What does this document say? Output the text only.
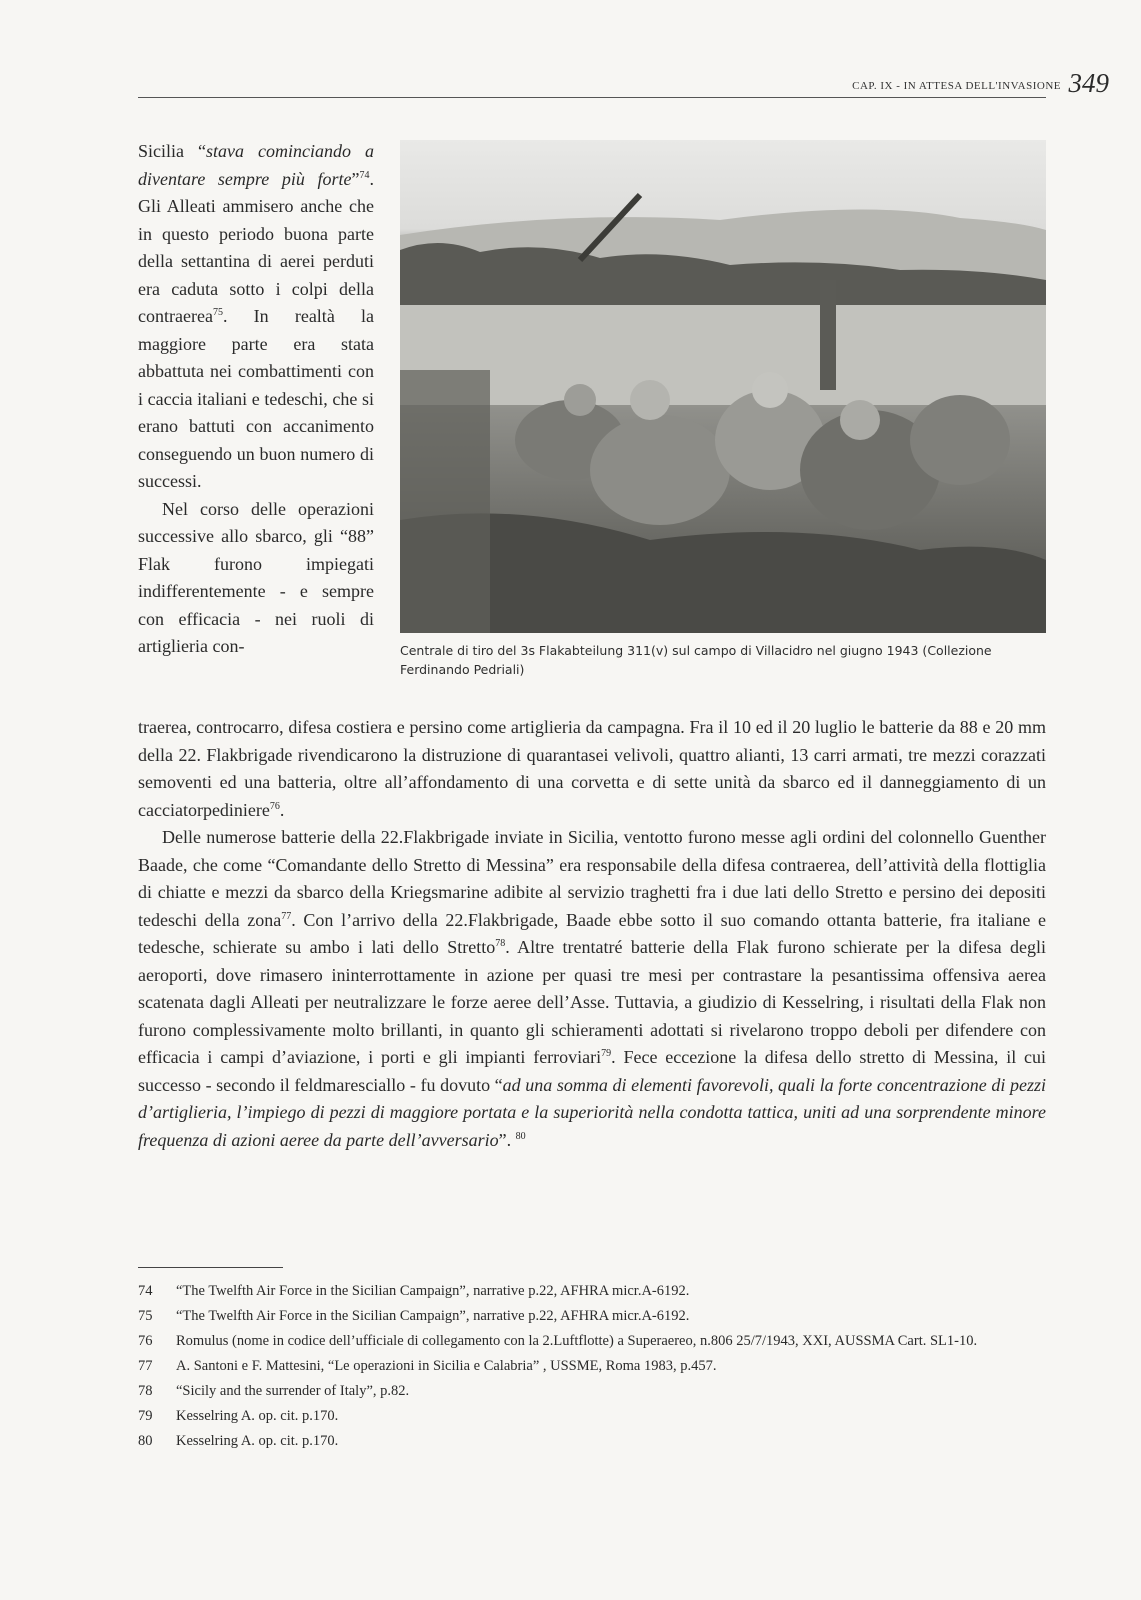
CAP. IX - IN ATTESA DELL'INVASIONE 349
Centrale di tiro del 3s Flakabteilung 311(v) sul campo di Villacidro nel giugno 1943 (Collezione Ferdinando Pedriali)

Sicilia “stava cominciando a diventare sempre più forte”$^{74}$. Gli Alleati ammisero anche che in questo periodo buona parte della settantina di aerei perduti era caduta sotto i colpi della contraerea$^{75}$. In realtà la maggiore parte era stata abbattuta nei combattimenti con i caccia italiani e tedeschi, che si erano battuti con accanimento conseguendo un buon numero di successi.

Nel corso delle operazioni successive allo sbarco, gli “88” Flak furono impiegati indifferentemente - e sempre con efficacia - nei ruoli di artiglieria con-

traerea, controcarro, difesa costiera e persino come artiglieria da campagna. Fra il 10 ed il 20 luglio le batterie da 88 e 20 mm della 22. Flakbrigade rivendicarono la distruzione di quarantasei velivoli, quattro alianti, 13 carri armati, tre mezzi corazzati semoventi ed una batteria, oltre all’affondamento di una corvetta e di sette unità da sbarco ed il danneggiamento di un cacciatorpediniere$^{76}$.

Delle numerose batterie della 22.Flakbrigade inviate in Sicilia, ventotto furono messe agli ordini del colonnello Guenther Baade, che come “Comandante dello Stretto di Messina” era responsabile della difesa contraerea, dell’attività della flottiglia di chiatte e mezzi da sbarco della Kriegsmarine adibite al servizio traghetti fra i due lati dello Stretto e persino dei depositi tedeschi della zona$^{77}$. Con l’arrivo della 22.Flakbrigade, Baade ebbe sotto il suo comando ottanta batterie, fra italiane e tedesche, schierate su ambo i lati dello Stretto$^{78}$. Altre trentatré batterie della Flak furono schierate per la difesa degli aeroporti, dove rimasero ininterrottamente in azione per quasi tre mesi per contrastare la pesantissima offensiva aerea scatenata dagli Alleati per neutralizzare le forze aeree dell’Asse. Tuttavia, a giudizio di Kesselring, i risultati della Flak non furono complessivamente molto brillanti, in quanto gli schieramenti adottati si rivelarono troppo deboli per difendere con efficacia i campi d’aviazione, i porti e gli impianti ferroviari$^{79}$. Fece eccezione la difesa dello stretto di Messina, il cui successo - secondo il feldmaresciallo - fu dovuto “ad una somma di elementi favorevoli, quali la forte concentrazione di pezzi d’artiglieria, l’impiego di pezzi di maggiore portata e la superiorità nella condotta tattica, uniti ad una sorprendente minore frequenza di azioni aeree da parte dell’avversario”. $^{80}$

74	“The Twelfth Air Force in the Sicilian Campaign”, narrative p.22, AFHRA micr.A-6192.
75	“The Twelfth Air Force in the Sicilian Campaign”, narrative p.22, AFHRA micr.A-6192.
76	Romulus (nome in codice dell’ufficiale di collegamento con la 2.Luftflotte) a Superaereo, n.806 25/7/1943, XXI, AUSSMA Cart. SL1-10.
77	A. Santoni e F. Mattesini, “Le operazioni in Sicilia e Calabria” , USSME, Roma 1983, p.457.
78	“Sicily and the surrender of Italy”, p.82.
79	Kesselring A. op. cit. p.170.
80	Kesselring A. op. cit. p.170.
